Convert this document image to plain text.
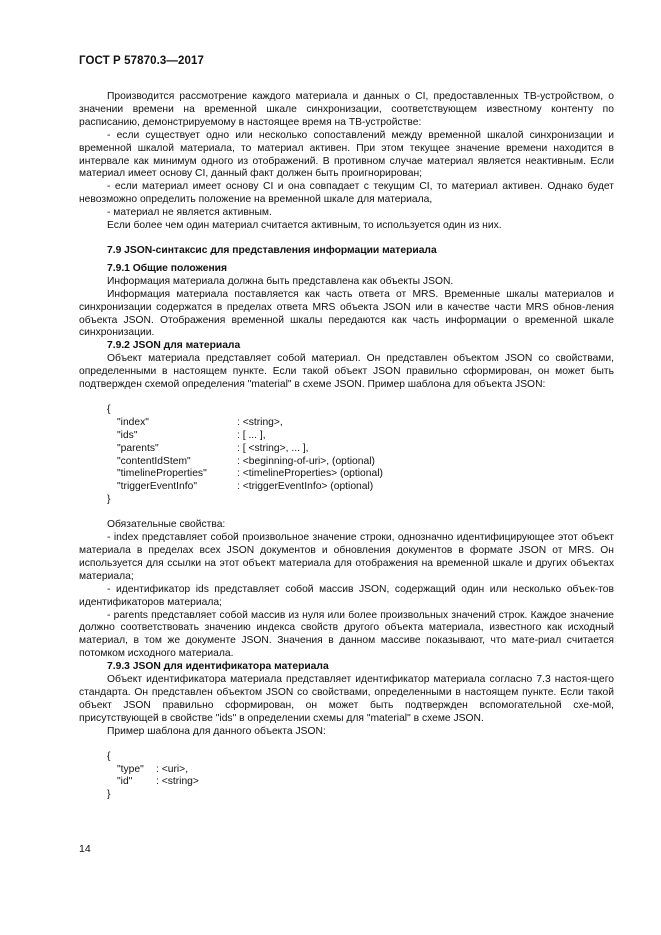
ГОСТ Р 57870.3—2017

Производится рассмотрение каждого материала и данных о CI, предоставленных ТВ-устройством, о значении времени на временной шкале синхронизации, соответствующем известному контенту по расписанию, демонстрируемому в настоящее время на ТВ-устройстве:

- если существует одно или несколько сопоставлений между временной шкалой синхронизации и временной шкалой материала, то материал активен. При этом текущее значение времени находится в интервале как минимум одного из отображений. В противном случае материал является неактивным. Если материал имеет основу CI, данный факт должен быть проигнорирован;

- если материал имеет основу CI и она совпадает с текущим CI, то материал активен. Однако будет невозможно определить положение на временной шкале для материала,

- материал не является активным.

Если более чем один материал считается активным, то используется один из них.

7.9 JSON-синтаксис для представления информации материала
7.9.1 Общие положения

Информация материала должна быть представлена как объекты JSON.

Информация материала поставляется как часть ответа от MRS. Временные шкалы материалов и синхронизации содержатся в пределах ответа MRS объекта JSON или в качестве части MRS обнов-ления объекта JSON. Отображения временной шкалы передаются как часть информации о временной шкале синхронизации.

7.9.2 JSON для материала

Объект материала представляет собой материал. Он представлен объектом JSON со свойствами, определенными в настоящем пункте. Если такой объект JSON правильно сформирован, он может быть подтвержден схемой определения "material" в схеме JSON. Пример шаблона для объекта JSON:

{
"index"	: <string>,
"ids"	: [ ... ],
"parents"	: [ <string>, ... ],
"contentIdStem"	: <beginning-of-uri>, (optional)
"timelineProperties"	: <timelineProperties> (optional)
"triggerEventInfo"	: <triggerEventInfo> (optional)
}

Обязательные свойства:

- index представляет собой произвольное значение строки, однозначно идентифицирующее этот объект материала в пределах всех JSON документов и обновления документов в формате JSON от MRS. Он используется для ссылки на этот объект материала для отображения на временной шкале и других объектах материала;

- идентификатор ids представляет собой массив JSON, содержащий один или несколько объек-тов идентификаторов материала;

- parents представляет собой массив из нуля или более произвольных значений строк. Каждое значение должно соответствовать значению индекса свойств другого объекта материала, известного как исходный материал, в том же документе JSON. Значения в данном массиве показывают, что мате-риал считается потомком исходного материала.

7.9.3 JSON для идентификатора материала

Объект идентификатора материала представляет идентификатор материала согласно 7.3 настоя-щего стандарта. Он представлен объектом JSON со свойствами, определенными в настоящем пункте. Если такой объект JSON правильно сформирован, он может быть подтвержден вспомогательной схе-мой, присутствующей в свойстве "ids" в определении схемы для "material" в схеме JSON.

Пример шаблона для данного объекта JSON:

{
"type"	: <uri>,
"id"	: <string>
}
14
